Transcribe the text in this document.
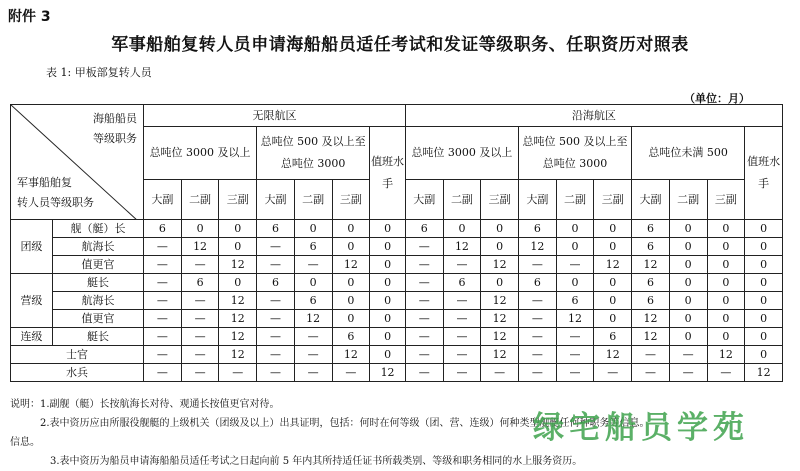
附件 3
军事船舶复转人员申请海船船员适任考试和发证等级职务、任职资历对照表
表 1: 甲板部复转人员
（单位：月）
海船船员
等级职务
军事船舶复
转人员等级职务		无限航区							沿海航区									
		总吨位 3000 及以上			总吨位 500 及以上至总吨位 3000			值班水手	总吨位 3000 及以上			总吨位 500 及以上至总吨位 3000			总吨位未满 500			值班水手
		大副	二副	三副	大副	二副	三副		大副	二副	三副	大副	二副	三副	大副	二副	三副	
团级	舰（艇）长	6	0	0	6	0	0	0	6	0	0	6	0	0	6	0	0	0
	航海长	—	12	0	—	6	0	0	—	12	0	12	0	0	6	0	0	0
	值更官	—	—	12	—	—	12	0	—	—	12	—	—	12	12	0	0	0
营级	艇长	—	6	0	6	0	0	0	—	6	0	6	0	0	6	0	0	0
	航海长	—	—	12	—	6	0	0	—	—	12	—	6	0	6	0	0	0
	值更官	—	—	12	—	12	0	0	—	—	12	—	12	0	12	0	0	0
连级	艇长	—	—	12	—	—	6	0	—	—	12	—	—	6	12	0	0	0
士官		—	—	12	—	—	12	0	—	—	12	—	—	12	—	—	12	0
水兵		—	—	—	—	—	—	12	—	—	—	—	—	—	—	—	—	12
说明：1.副舰（艇）长按航海长对待、观通长按值更官对待。
2.表中资历应由所服役舰艇的上级机关（团级及以上）出具证明，包括：何时在何等级（团、营、连级）何种类型舰艇任何种职务等信息。
信息。
3.表中资历为船员申请海船船员适任考试之日起向前 5 年内其所持适任证书所载类别、等级和职务相同的水上服务资历。
绿宅船员学苑
